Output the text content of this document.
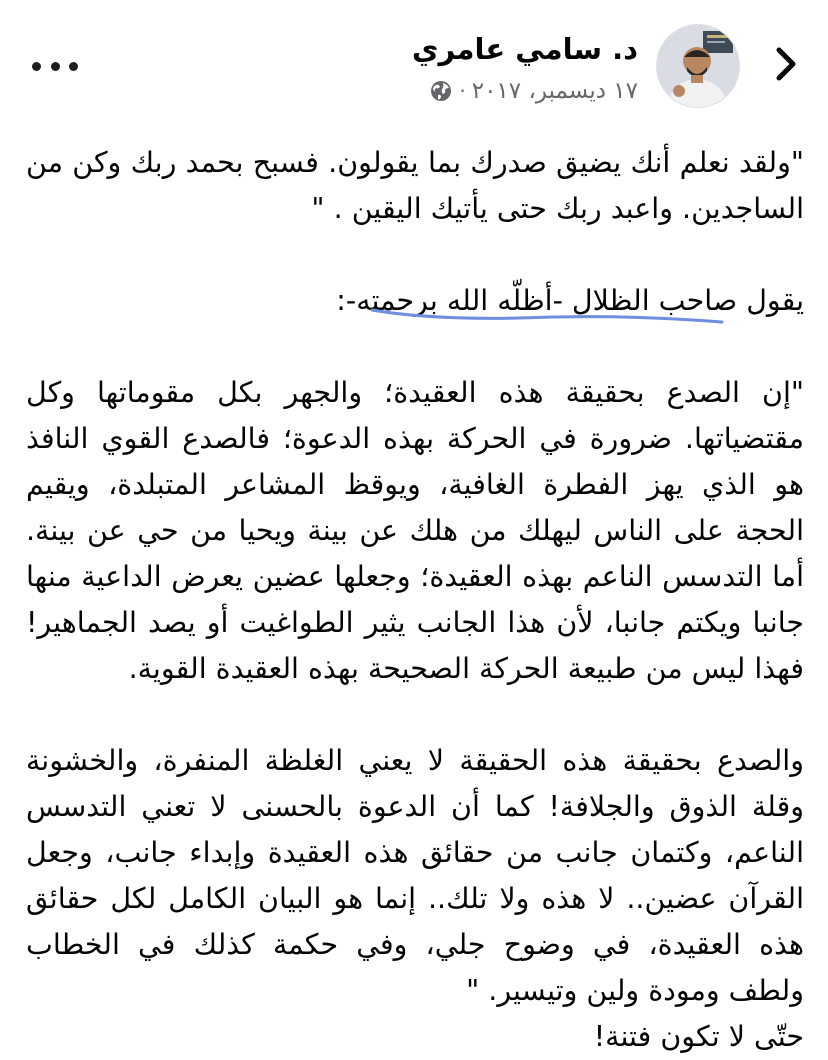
د. سامي عامري
١٧ ديسمبر، ٢٠١٧
·

"ولقد نعلم أنك يضيق صدرك بما يقولون. فسبح بحمد ربك وكن من الساجدين. واعبد ربك حتى يأتيك اليقين . "

يقول صاحب الظلال -أظلّه الله برحمته-:

"إن الصدع بحقيقة هذه العقيدة؛ والجهر بكل مقوماتها وكل مقتضياتها. ضرورة في الحركة بهذه الدعوة؛ فالصدع القوي النافذ هو الذي يهز الفطرة الغافية، ويوقظ المشاعر المتبلدة، ويقيم الحجة على الناس ليهلك من هلك عن بينة ويحيا من حي عن بينة. أما التدسس الناعم بهذه العقيدة؛ وجعلها عضين يعرض الداعية منها جانبا ويكتم جانبا، لأن هذا الجانب يثير الطواغيت أو يصد الجماهير! فهذا ليس من طبيعة الحركة الصحيحة بهذه العقيدة القوية.

والصدع بحقيقة هذه الحقيقة لا يعني الغلظة المنفرة، والخشونة وقلة الذوق والجلافة! كما أن الدعوة بالحسنى لا تعني التدسس الناعم، وكتمان جانب من حقائق هذه العقيدة وإبداء جانب، وجعل القرآن عضين.. لا هذه ولا تلك.. إنما هو البيان الكامل لكل حقائق هذه العقيدة، في وضوح جلي، وفي حكمة كذلك في الخطاب ولطف ومودة ولين وتيسير. "

حتّى لا تكون فتنة!
